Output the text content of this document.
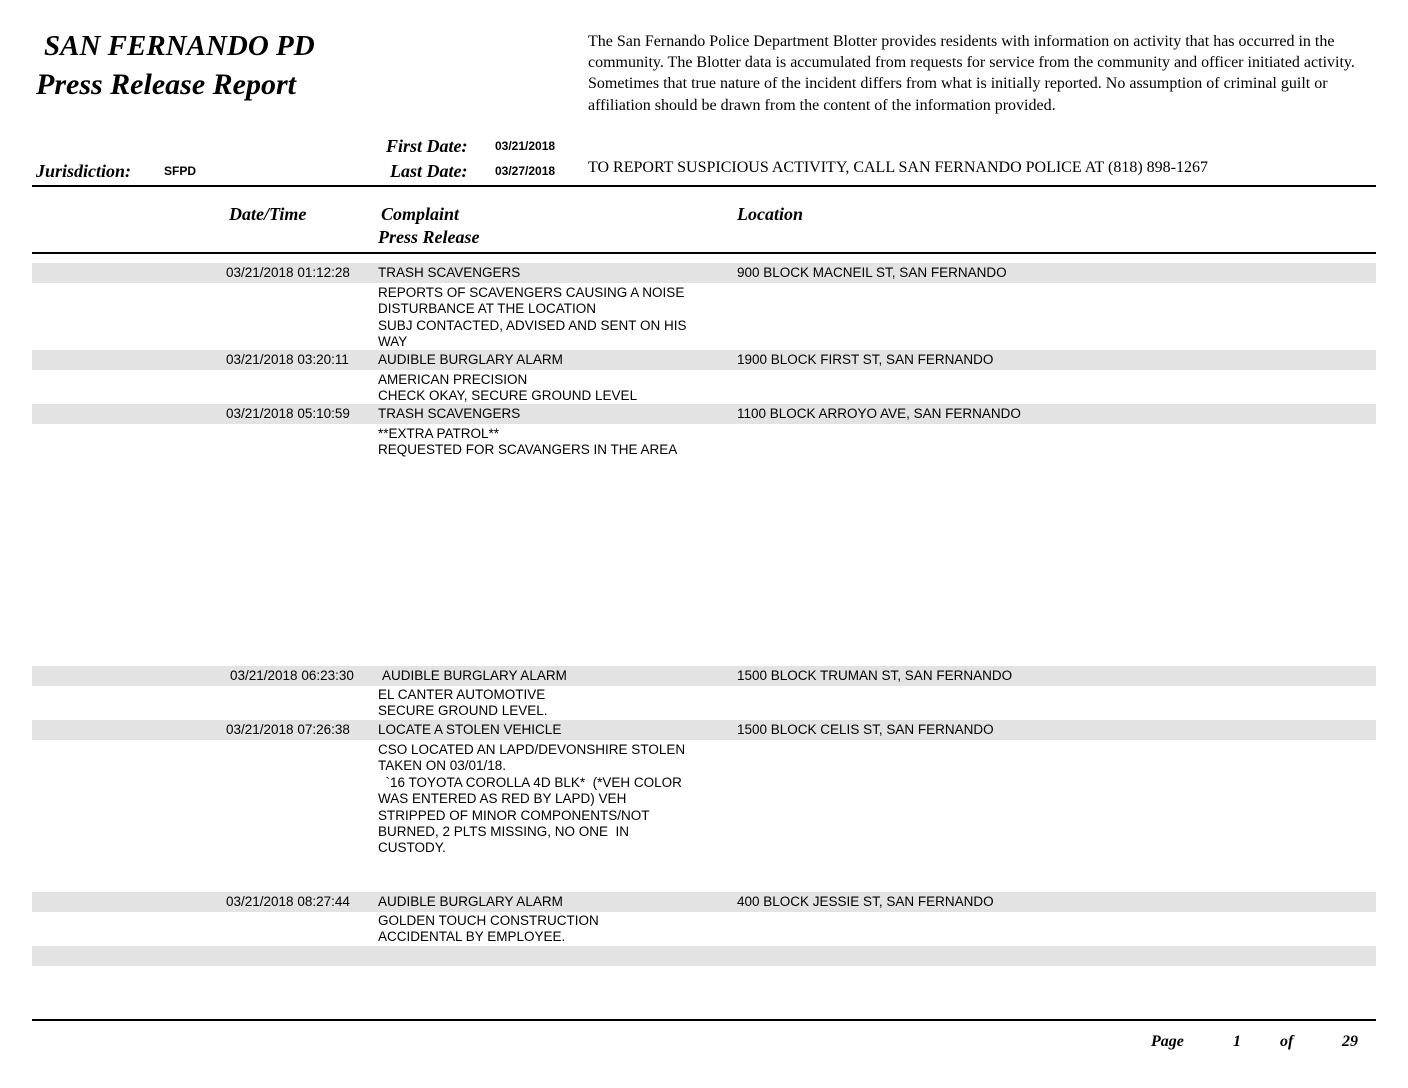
SAN FERNANDO PD
Press Release Report
The San Fernando Police Department Blotter provides residents with information on activity that has occurred in the community. The Blotter data is accumulated from requests for service from the community and officer initiated activity. Sometimes that true nature of the incident differs from what is initially reported. No assumption of criminal guilt or affiliation should be drawn from the content of the information provided.
First Date: 03/21/2018
Jurisdiction:	SFPD	Last Date: 03/27/2018 TO REPORT SUSPICIOUS ACTIVITY, CALL SAN FERNANDO POLICE AT (818) 898-1267
Date/Time	Complaint
Press Release
Location
03/21/2018 01:12:28 TRASH SCAVENGERS	900 BLOCK MACNEIL ST, SAN FERNANDO
REPORTS OF SCAVENGERS CAUSING A NOISE
DISTURBANCE AT THE LOCATION
SUBJ CONTACTED, ADVISED AND SENT ON HIS
WAY
03/21/2018 03:20:11 AUDIBLE BURGLARY ALARM	1900 BLOCK FIRST ST, SAN FERNANDO
AMERICAN PRECISION
CHECK OKAY, SECURE GROUND LEVEL
03/21/2018 05:10:59 TRASH SCAVENGERS	1100 BLOCK ARROYO AVE, SAN FERNANDO
**EXTRA PATROL**
REQUESTED FOR SCAVANGERS IN THE AREA
03/21/2018 06:23:30 AUDIBLE BURGLARY ALARM	1500 BLOCK TRUMAN ST, SAN FERNANDO
EL CANTER AUTOMOTIVE
SECURE GROUND LEVEL.
03/21/2018 07:26:38 LOCATE A STOLEN VEHICLE	1500 BLOCK CELIS ST, SAN FERNANDO
CSO LOCATED AN LAPD/DEVONSHIRE STOLEN
TAKEN ON 03/01/18.
`16 TOYOTA COROLLA 4D BLK*  (*VEH COLOR
WAS ENTERED AS RED BY LAPD) VEH
STRIPPED OF MINOR COMPONENTS/NOT
BURNED, 2 PLTS MISSING, NO ONE  IN
CUSTODY.
03/21/2018 08:27:44 AUDIBLE BURGLARY ALARM	400 BLOCK JESSIE ST, SAN FERNANDO
GOLDEN TOUCH CONSTRUCTION
ACCIDENTAL BY EMPLOYEE.
Page	1 of	29
